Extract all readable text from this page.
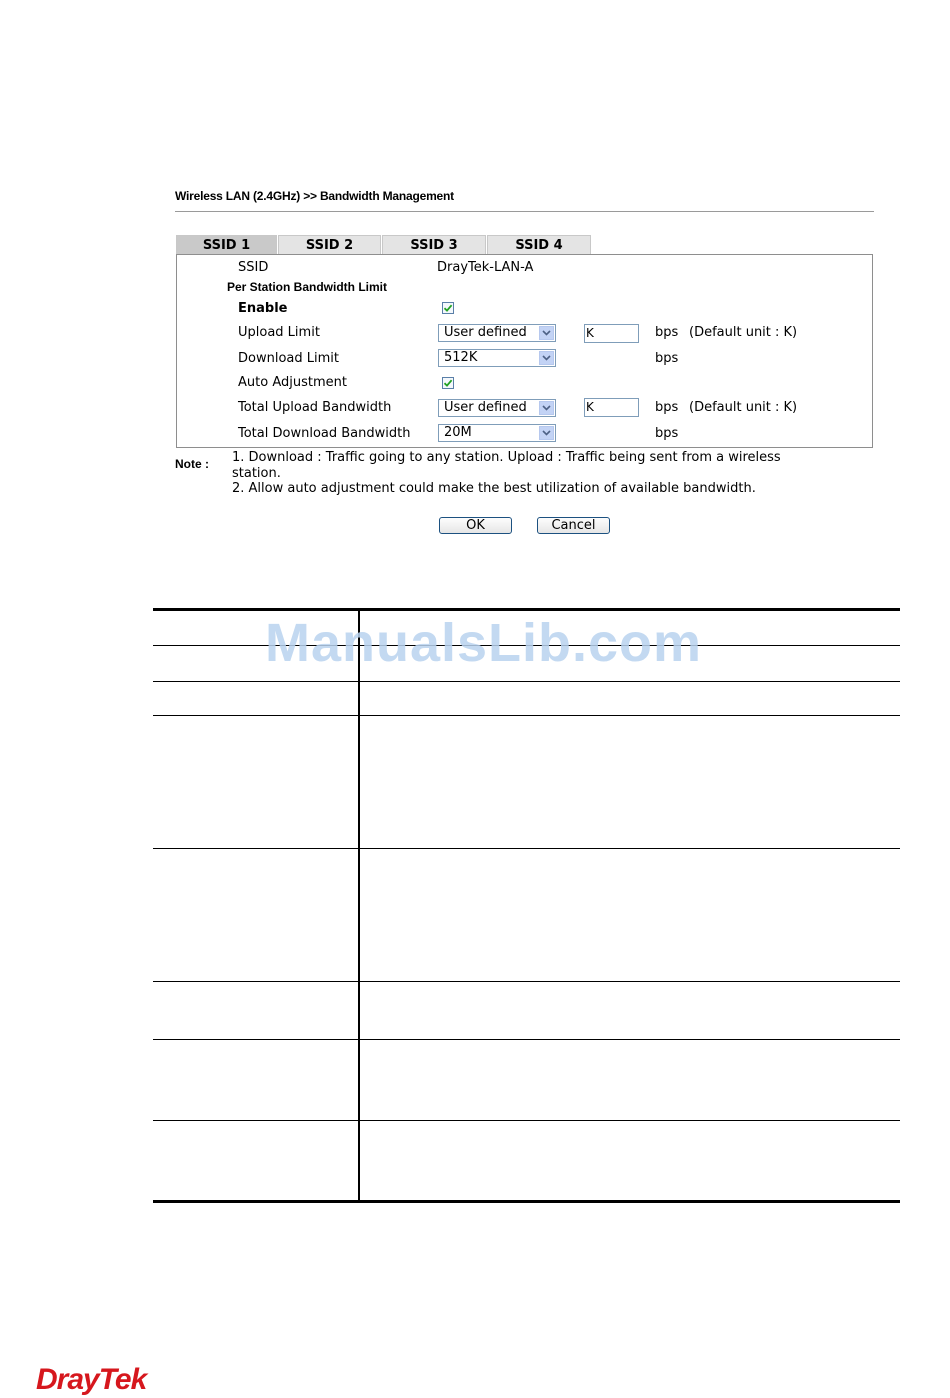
Wireless LAN (2.4GHz) >> Bandwidth Management
SSID 1	SSID 2	SSID 3	SSID 4
SSID	DrayTek-LAN-A
Per Station Bandwidth Limit
Enable
Upload Limit	User defined	K	bps (Default unit : K)
Download Limit	512K	bps
Auto Adjustment
Total Upload Bandwidth	User defined	K	bps (Default unit : K)
Total Download Bandwidth	20M	bps
Note : 1. Download : Traffic going to any station. Upload : Traffic being sent from a wireless
station.
2. Allow auto adjustment could make the best utilization of available bandwidth.
OK	Cancel
ManualsLib.com
DrayTek
